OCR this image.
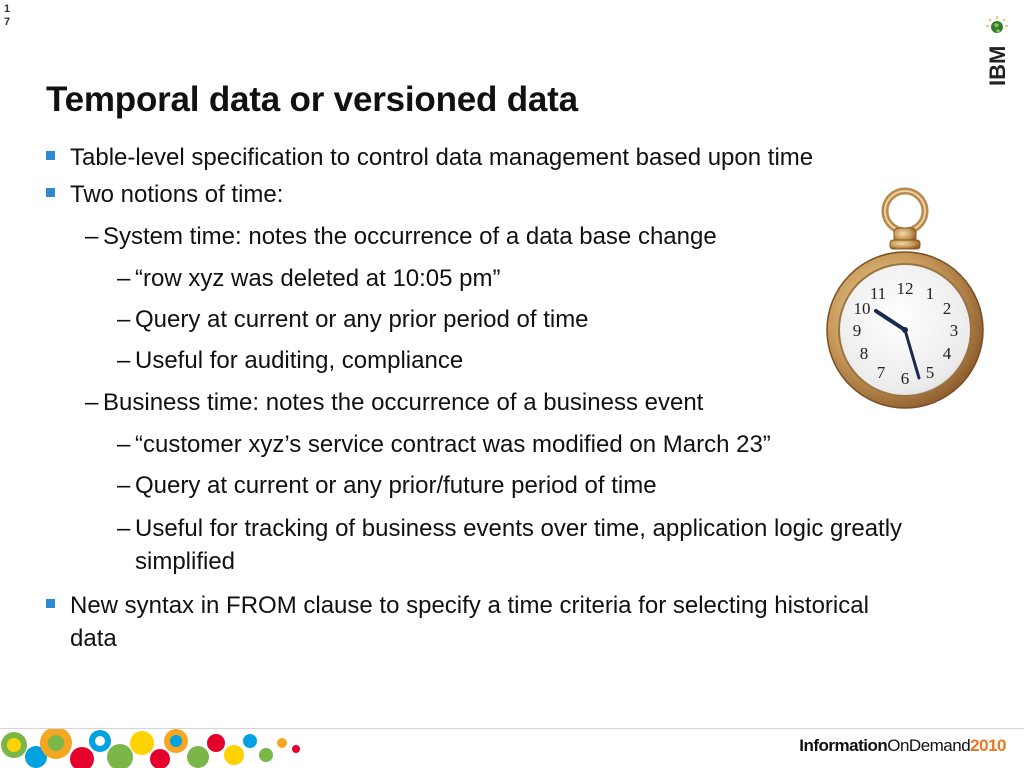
1
7
IBM
Temporal data or versioned data
Table-level specification to control data management based upon time
Two notions of time:
– System time: notes the occurrence of a data base change
– “row xyz was deleted at 10:05 pm”
– Query at current or any prior period of time
– Useful for auditing, compliance
– Business time: notes the occurrence of a business event
– “customer xyz’s service contract was modified on March 23”
– Query at current or any prior/future period of time
– Useful for tracking of business events over time, application logic greatly simplified
New syntax in FROM clause to specify a time criteria for selecting historical data
12 1
2
3
4
5
6
7
8
9
10
11
InformationOnDemand2010
